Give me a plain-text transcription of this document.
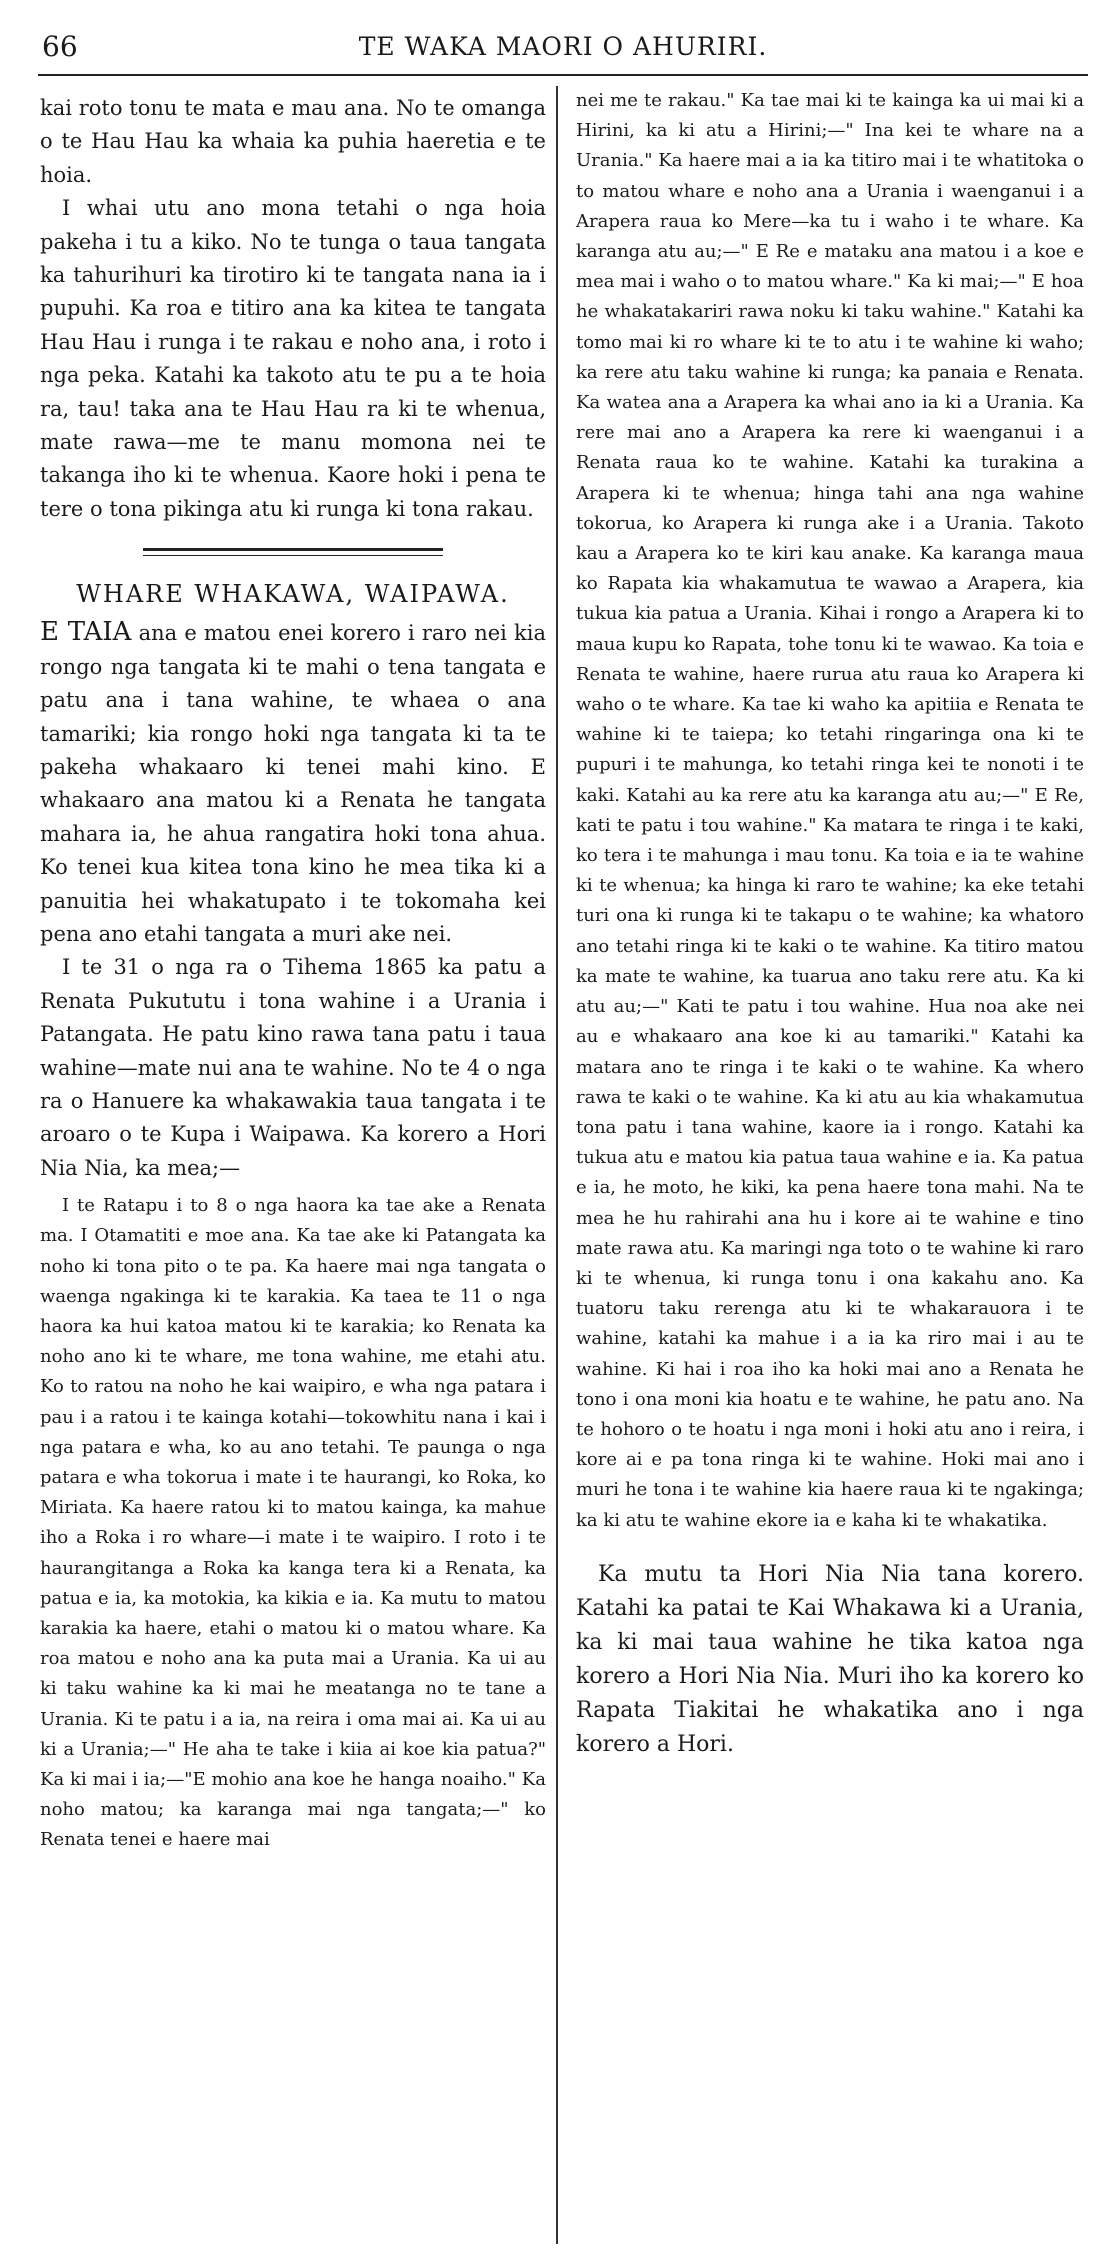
66	TE WAKA MAORI O AHURIRI.

kai roto tonu te mata e mau ana. No te omanga o te Hau Hau ka whaia ka puhia haeretia e te hoia.

I whai utu ano mona tetahi o nga hoia pakeha i tu a kiko. No te tunga o taua tangata ka tahurihuri ka tirotiro ki te tangata nana ia i pupuhi. Ka roa e titiro ana ka kitea te tangata Hau Hau i runga i te rakau e noho ana, i roto i nga peka. Katahi ka takoto atu te pu a te hoia ra, tau! taka ana te Hau Hau ra ki te whenua, mate rawa—me te manu momona nei te takanga iho ki te whenua. Kaore hoki i pena te tere o tona pikinga atu ki runga ki tona rakau.

WHARE WHAKAWA, WAIPAWA.

E TAIA ana e matou enei korero i raro nei kia rongo nga tangata ki te mahi o tena tangata e patu ana i tana wahine, te whaea o ana tamariki; kia rongo hoki nga tangata ki ta te pakeha whakaaro ki tenei mahi kino. E whakaaro ana matou ki a Renata he tangata mahara ia, he ahua rangatira hoki tona ahua. Ko tenei kua kitea tona kino he mea tika ki a panuitia hei whakatupato i te tokomaha kei pena ano etahi tangata a muri ake nei.

I te 31 o nga ra o Tihema 1865 ka patu a Renata Pukututu i tona wahine i a Urania i Patangata. He patu kino rawa tana patu i taua wahine—mate nui ana te wahine. No te 4 o nga ra o Hanuere ka whakawakia taua tangata i te aroaro o te Kupa i Waipawa. Ka korero a Hori Nia Nia, ka mea;—

I te Ratapu i to 8 o nga haora ka tae ake a Renata ma. I Otamatiti e moe ana. Ka tae ake ki Patangata ka noho ki tona pito o te pa. Ka haere mai nga tangata o waenga ngakinga ki te karakia. Ka taea te 11 o nga haora ka hui katoa matou ki te karakia; ko Renata ka noho ano ki te whare, me tona wahine, me etahi atu. Ko to ratou na noho he kai waipiro, e wha nga patara i pau i a ratou i te kainga kotahi—tokowhitu nana i kai i nga patara e wha, ko au ano tetahi. Te paunga o nga patara e wha tokorua i mate i te haurangi, ko Roka, ko Miriata. Ka haere ratou ki to matou kainga, ka mahue iho a Roka i ro whare—i mate i te waipiro. I roto i te haurangitanga a Roka ka kanga tera ki a Renata, ka patua e ia, ka motokia, ka kikia e ia. Ka mutu to matou karakia ka haere, etahi o matou ki o matou whare. Ka roa matou e noho ana ka puta mai a Urania. Ka ui au ki taku wahine ka ki mai he meatanga no te tane a Urania. Ki te patu i a ia, na reira i oma mai ai. Ka ui au ki a Urania;—" He aha te take i kiia ai koe kia patua?" Ka ki mai i ia;—"E mohio ana koe he hanga noaiho." Ka noho matou; ka karanga mai nga tangata;—" ko Renata tenei e haere mai

nei me te rakau." Ka tae mai ki te kainga ka ui mai ki a Hirini, ka ki atu a Hirini;—" Ina kei te whare na a Urania." Ka haere mai a ia ka titiro mai i te whatitoka o to matou whare e noho ana a Urania i waenganui i a Arapera raua ko Mere—ka tu i waho i te whare. Ka karanga atu au;—" E Re e mataku ana matou i a koe e mea mai i waho o to matou whare." Ka ki mai;—" E hoa he whakatakariri rawa noku ki taku wahine." Katahi ka tomo mai ki ro whare ki te to atu i te wahine ki waho; ka rere atu taku wahine ki runga; ka panaia e Renata. Ka watea ana a Arapera ka whai ano ia ki a Urania. Ka rere mai ano a Arapera ka rere ki waenganui i a Renata raua ko te wahine. Katahi ka turakina a Arapera ki te whenua; hinga tahi ana nga wahine tokorua, ko Arapera ki runga ake i a Urania. Takoto kau a Arapera ko te kiri kau anake. Ka karanga maua ko Rapata kia whakamutua te wawao a Arapera, kia tukua kia patua a Urania. Kihai i rongo a Arapera ki to maua kupu ko Rapata, tohe tonu ki te wawao. Ka toia e Renata te wahine, haere rurua atu raua ko Arapera ki waho o te whare. Ka tae ki waho ka apitiia e Renata te wahine ki te taiepa; ko tetahi ringaringa ona ki te pupuri i te mahunga, ko tetahi ringa kei te nonoti i te kaki. Katahi au ka rere atu ka karanga atu au;—" E Re, kati te patu i tou wahine." Ka matara te ringa i te kaki, ko tera i te mahunga i mau tonu. Ka toia e ia te wahine ki te whenua; ka hinga ki raro te wahine; ka eke tetahi turi ona ki runga ki te takapu o te wahine; ka whatoro ano tetahi ringa ki te kaki o te wahine. Ka titiro matou ka mate te wahine, ka tuarua ano taku rere atu. Ka ki atu au;—" Kati te patu i tou wahine. Hua noa ake nei au e whakaaro ana koe ki au tamariki." Katahi ka matara ano te ringa i te kaki o te wahine. Ka whero rawa te kaki o te wahine. Ka ki atu au kia whakamutua tona patu i tana wahine, kaore ia i rongo. Katahi ka tukua atu e matou kia patua taua wahine e ia. Ka patua e ia, he moto, he kiki, ka pena haere tona mahi. Na te mea he hu rahirahi ana hu i kore ai te wahine e tino mate rawa atu. Ka maringi nga toto o te wahine ki raro ki te whenua, ki runga tonu i ona kakahu ano. Ka tuatoru taku rerenga atu ki te whakarauora i te wahine, katahi ka mahue i a ia ka riro mai i au te wahine. Ki hai i roa iho ka hoki mai ano a Renata he tono i ona moni kia hoatu e te wahine, he patu ano. Na te hohoro o te hoatu i nga moni i hoki atu ano i reira, i kore ai e pa tona ringa ki te wahine. Hoki mai ano i muri he tona i te wahine kia haere raua ki te ngakinga; ka ki atu te wahine ekore ia e kaha ki te whakatika.

Ka mutu ta Hori Nia Nia tana korero. Katahi ka patai te Kai Whakawa ki a Urania, ka ki mai taua wahine he tika katoa nga korero a Hori Nia Nia. Muri iho ka korero ko Rapata Tiakitai he whakatika ano i nga korero a Hori.
